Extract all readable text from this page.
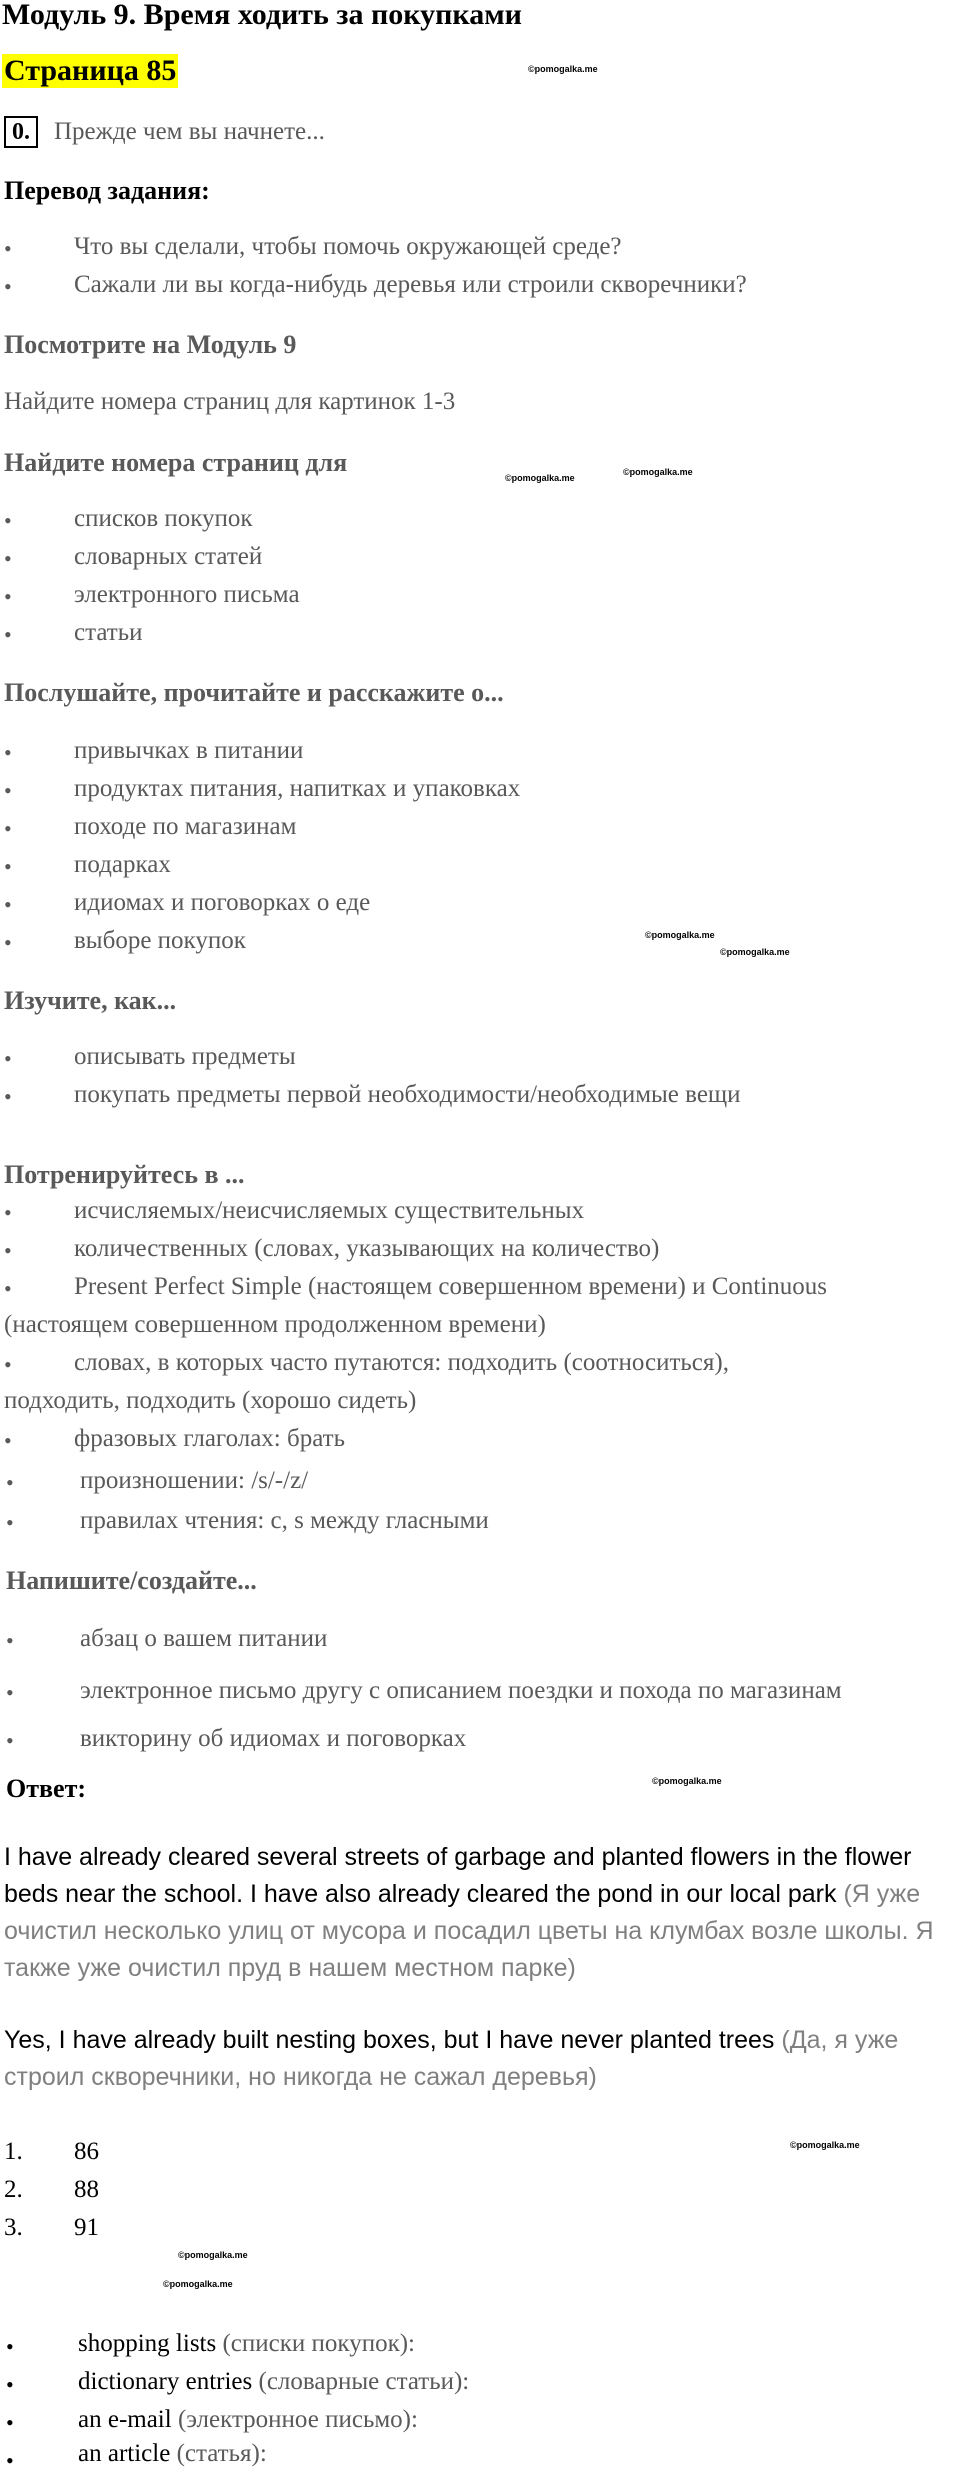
Модуль 9. Время ходить за покупками
Страница 85	©pomogalka.me
©pomogalka.me
©pomogalka.me
©pomogalka.me
©pomogalka.me
©pomogalka.me
©pomogalka.me
©pomogalka.me
©pomogalka.me
0. Прежде чем вы начнете...
Перевод задания:
• Что вы сделали, чтобы помочь окружающей среде?
• Сажали ли вы когда-нибудь деревья или строили скворечники?
Посмотрите на Модуль 9
Найдите номера страниц для картинок 1-3
Найдите номера страниц для
• списков покупок
• словарных статей
• электронного письма
• статьи
Послушайте, прочитайте и расскажите о...
• привычках в питании
• продуктах питания, напитках и упаковках
• походе по магазинам
• подарках
• идиомах и поговорках о еде
• выборе покупок
Изучите, как...
• описывать предметы
• покупать предметы первой необходимости/необходимые вещи
Потренируйтесь в ...
• исчисляемых/неисчисляемых существительных
• количественных (словах, указывающих на количество)
• Present Perfect Simple (настоящем совершенном времени) и Continuous
(настоящем совершенном продолженном времени)
• словах, в которых часто путаются: подходить (соотноситься),
подходить, подходить (хорошо сидеть)
• фразовых глаголах: брать
•	произношении: /s/-/z/
•	правилах чтения: c, s между гласными
Напишите/создайте...
•	абзац о вашем питании
•	электронное письмо другу с описанием поездки и похода по магазинам
•	викторину об идиомах и поговорках
Ответ:
I have already cleared several streets of garbage and planted flowers in the flower beds near the school. I have also already cleared the pond in our local park (Я уже очистил несколько улиц от мусора и посадил цветы на клумбах возле школы. Я также уже очистил пруд в нашем местном парке)
Yes, I have already built nesting boxes, but I have never planted trees (Да, я уже строил скворечники, но никогда не сажал деревья)
1. 86
2. 88
3. 91
•	shopping lists (списки покупок):
•	dictionary entries (словарные статьи):
•	an e-mail (электронное письмо):
•	an article (статья):
